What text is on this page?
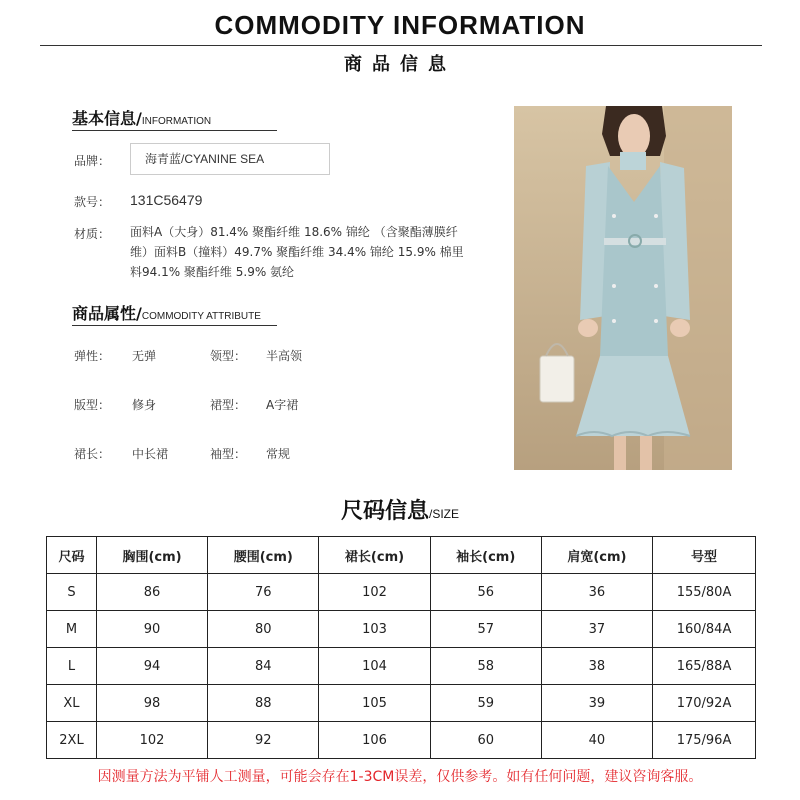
COMMODITY INFORMATION
商品信息
基本信息/INFORMATION
品牌：	海青蓝/CYANINE SEA
款号： 131C56479
材质： 面料A（大身）81.4% 聚酯纤维 18.6% 锦纶 （含聚酯薄膜纤维）面料B（撞料）49.7% 聚酯纤维 34.4% 锦纶 15.9% 棉里料94.1% 聚酯纤维 5.9% 氨纶
商品属性/COMMODITY ATTRIBUTE
弹性： 无弹	领型： 半高领
版型： 修身	裙型： A字裙
裙长： 中长裙	袖型： 常规
尺码信息/SIZE
尺码	胸围(cm)	腰围(cm)	裙长(cm)	袖长(cm)	肩宽(cm)	号型
S	86	76	102	56	36	155/80A
M	90	80	103	57	37	160/84A
L	94	84	104	58	38	165/88A
XL	98	88	105	59	39	170/92A
2XL	102	92	106	60	40	175/96A
因测量方法为平铺人工测量，可能会存在1-3CM误差，仅供参考。如有任何问题，建议咨询客服。
